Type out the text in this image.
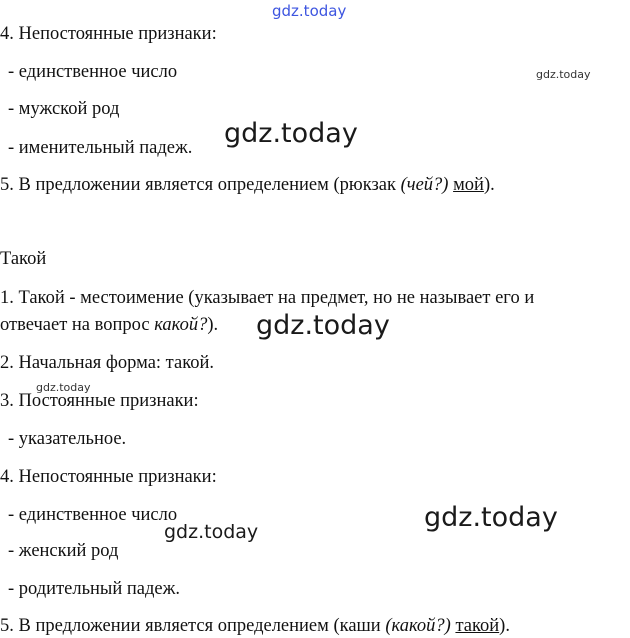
gdz.today
gdz.today
gdz.today
gdz.today
gdz.today
gdz.today
gdz.today
4. Непостоянные признаки:
- единственное число
- мужской род
- именительный падеж.
5. В предложении является определением (рюкзак (чей?) мой).
Такой
1. Такой - местоимение (указывает на предмет, но не называет его и
отвечает на вопрос какой?).
2. Начальная форма: такой.
3. Постоянные признаки:
- указательное.
4. Непостоянные признаки:
- единственное число
- женский род
- родительный падеж.
5. В предложении является определением (каши (какой?) такой).
